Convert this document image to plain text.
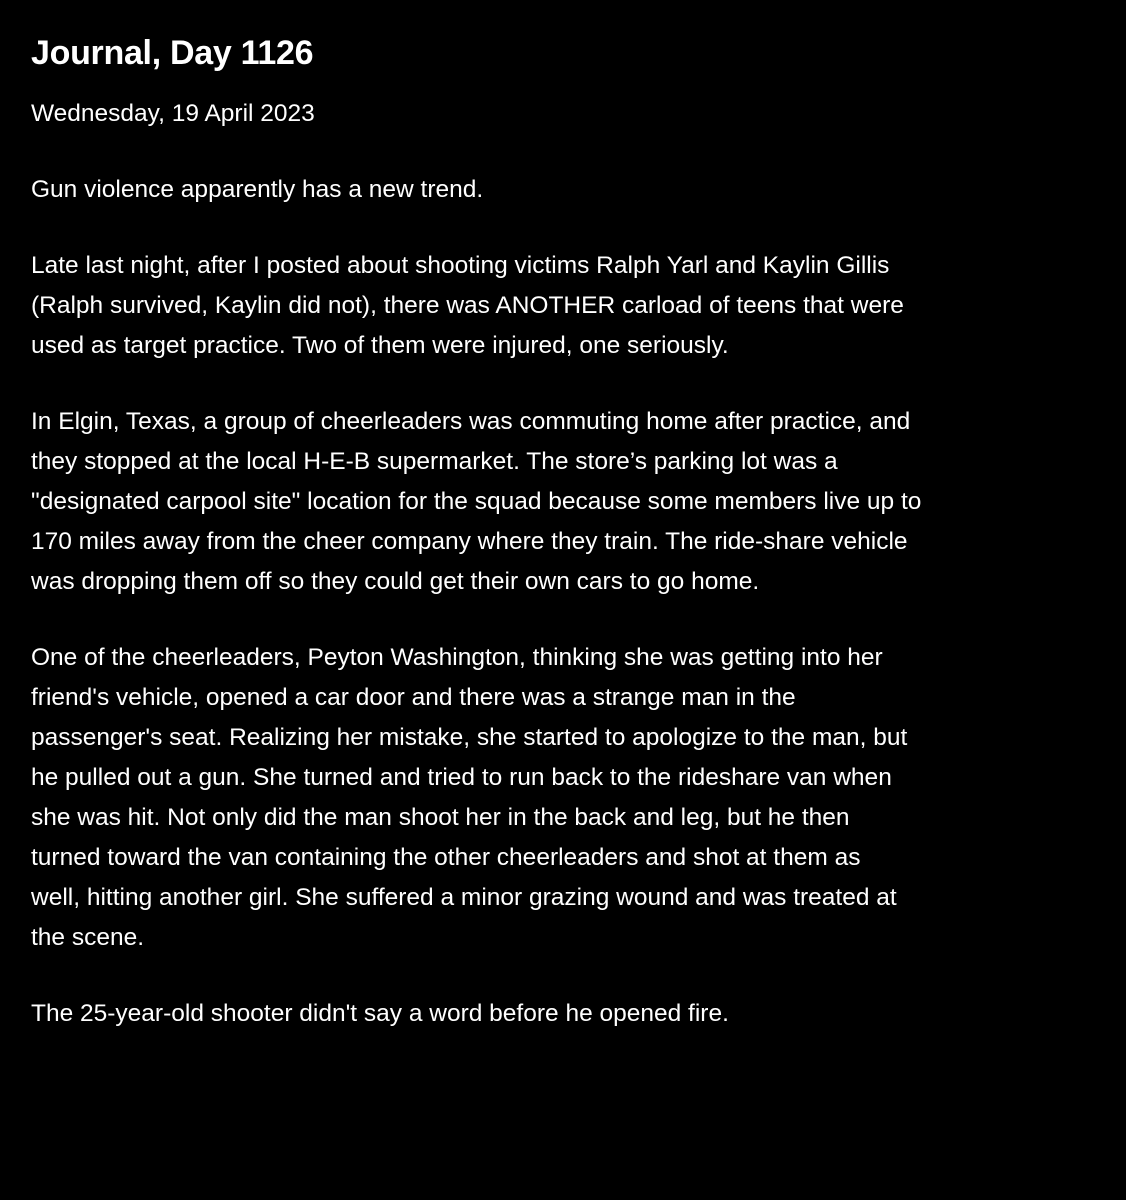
Journal, Day 1126

Wednesday, 19 April 2023

Gun violence apparently has a new trend.

Late last night, after I posted about shooting victims Ralph Yarl and Kaylin Gillis
(Ralph survived, Kaylin did not), there was ANOTHER carload of teens that were
used as target practice. Two of them were injured, one seriously.

In Elgin, Texas, a group of cheerleaders was commuting home after practice, and
they stopped at the local H-E-B supermarket. The store’s parking lot was a
"designated carpool site" location for the squad because some members live up to
170 miles away from the cheer company where they train. The ride-share vehicle
was dropping them off so they could get their own cars to go home.

One of the cheerleaders, Peyton Washington, thinking she was getting into her
friend's vehicle, opened a car door and there was a strange man in the
passenger's seat. Realizing her mistake, she started to apologize to the man, but
he pulled out a gun. She turned and tried to run back to the rideshare van when
she was hit. Not only did the man shoot her in the back and leg, but he then
turned toward the van containing the other cheerleaders and shot at them as
well, hitting another girl. She suffered a minor grazing wound and was treated at
the scene.

The 25-year-old shooter didn't say a word before he opened fire.
